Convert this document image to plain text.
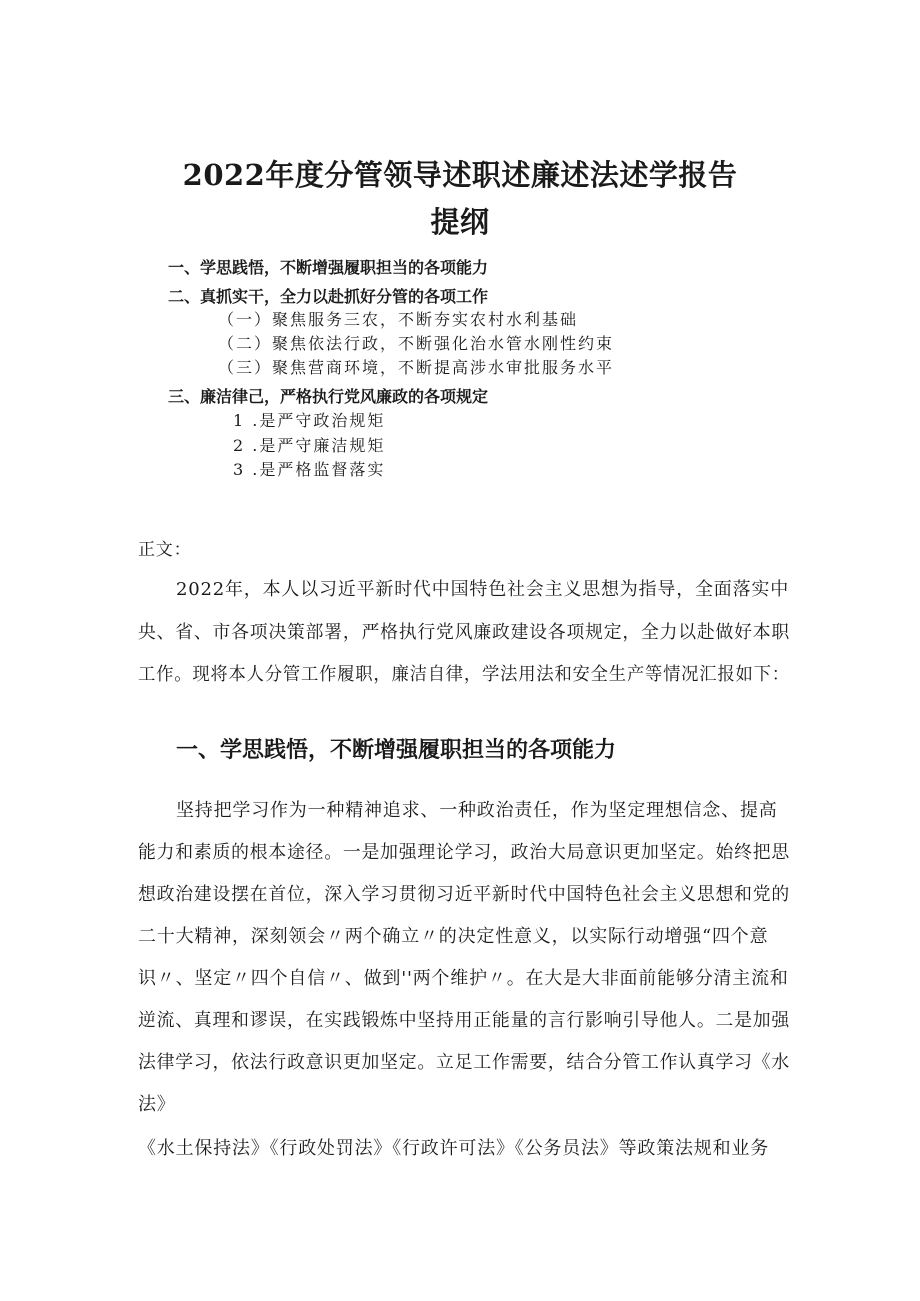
2022年度分管领导述职述廉述法述学报告
提纲
一、学思践悟，不断增强履职担当的各项能力
二、真抓实干，全力以赴抓好分管的各项工作
（一）聚焦服务三农，不断夯实农村水利基础
（二）聚焦依法行政，不断强化治水管水刚性约束
（三）聚焦营商环境，不断提高涉水审批服务水平
三、廉洁律己，严格执行党风廉政的各项规定
1 .是严守政治规矩
2 .是严守廉洁规矩
3 .是严格监督落实
正文：
2022年，本人以习近平新时代中国特色社会主义思想为指导，全面落实中
央、省、市各项决策部署，严格执行党风廉政建设各项规定，全力以赴做好本职
工作。现将本人分管工作履职，廉洁自律，学法用法和安全生产等情况汇报如下：
一、学思践悟，不断增强履职担当的各项能力
坚持把学习作为一种精神追求、一种政治责任，作为坚定理想信念、提高
能力和素质的根本途径。一是加强理论学习，政治大局意识更加坚定。始终把思
想政治建设摆在首位，深入学习贯彻习近平新时代中国特色社会主义思想和党的
二十大精神，深刻领会〃两个确立〃的决定性意义，以实际行动增强“四个意
识〃、坚定〃四个自信〃、做到''两个维护〃。在大是大非面前能够分清主流和
逆流、真理和谬误，在实践锻炼中坚持用正能量的言行影响引导他人。二是加强
法律学习，依法行政意识更加坚定。立足工作需要，结合分管工作认真学习《水
法》
《水土保持法》《行政处罚法》《行政许可法》《公务员法》等政策法规和业务
